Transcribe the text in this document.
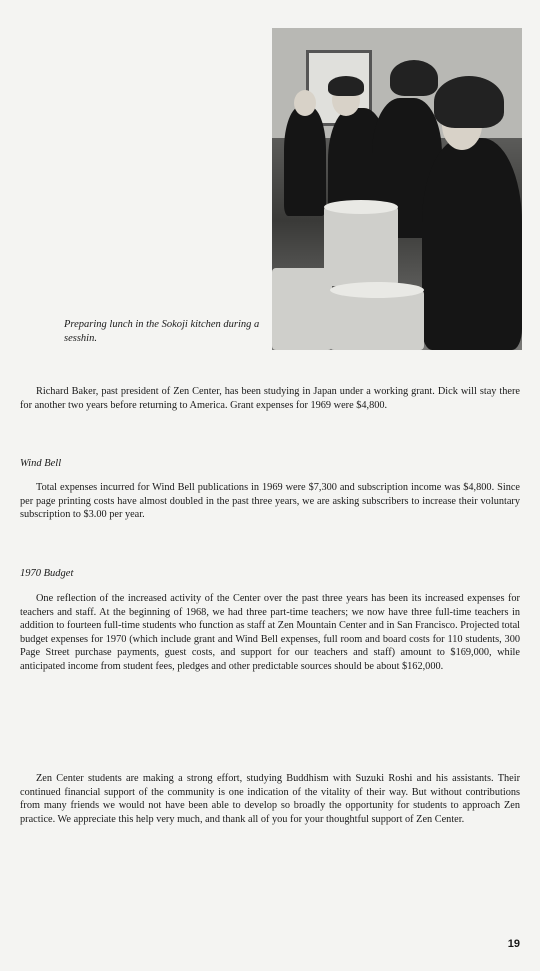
Preparing lunch in the Sokoji kitchen during a sesshin.

Richard Baker, past president of Zen Center, has been studying in Japan under a working grant. Dick will stay there for another two years before returning to America. Grant expenses for 1969 were $4,800.

Wind Bell

Total expenses incurred for Wind Bell publications in 1969 were $7,300 and subscription income was $4,800. Since per page printing costs have almost doubled in the past three years, we are asking subscribers to increase their voluntary subscription to $3.00 per year.

1970 Budget

One reflection of the increased activity of the Center over the past three years has been its increased expenses for teachers and staff. At the beginning of 1968, we had three part-time teachers; we now have three full-time teachers in addition to fourteen full-time students who function as staff at Zen Mountain Center and in San Francisco. Projected total budget expenses for 1970 (which include grant and Wind Bell expenses, full room and board costs for 110 students, 300 Page Street purchase payments, guest costs, and support for our teachers and staff) amount to $169,000, while anticipated income from student fees, pledges and other predictable sources should be about $162,000.

Zen Center students are making a strong effort, studying Buddhism with Suzuki Roshi and his assistants. Their continued financial support of the community is one indication of the vitality of their way. But without contributions from many friends we would not have been able to develop so broadly the opportunity for students to approach Zen practice. We appreciate this help very much, and thank all of you for your thoughtful support of Zen Center.

19
